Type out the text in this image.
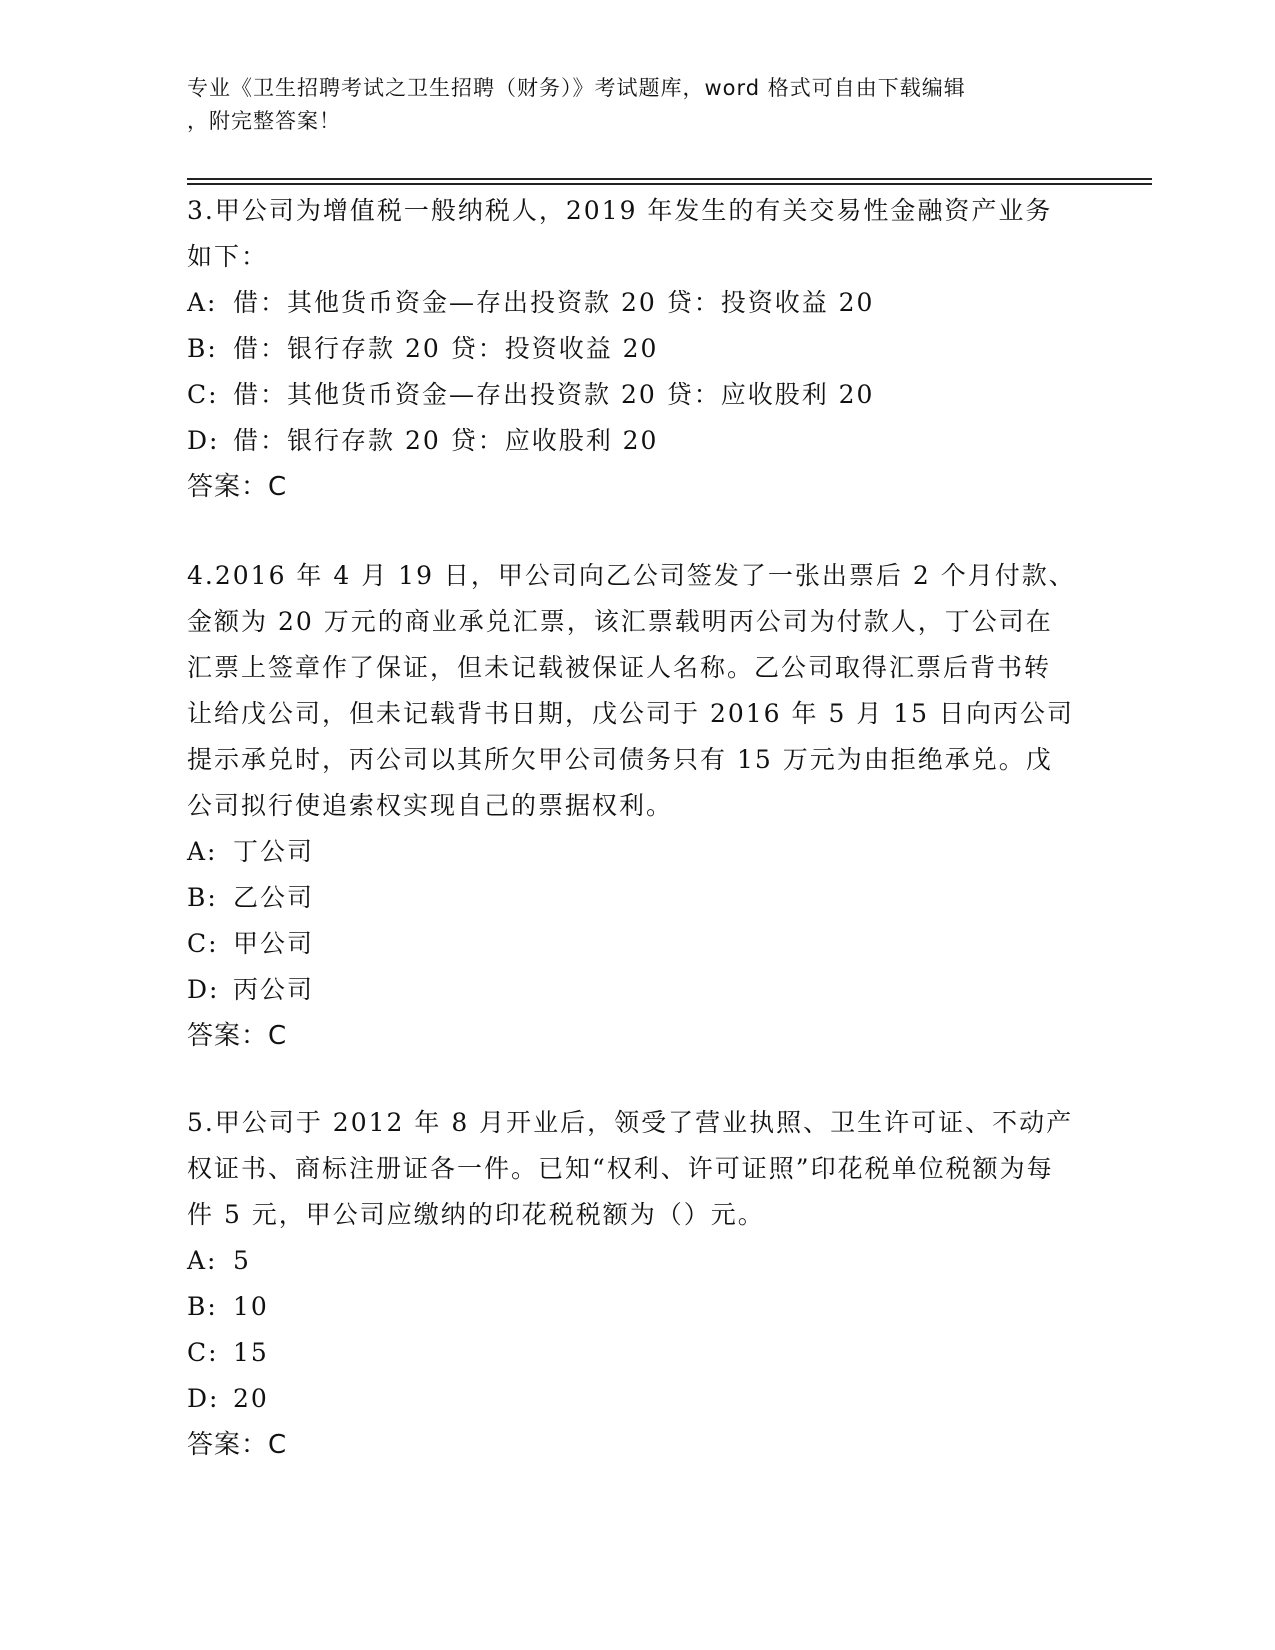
专业《卫生招聘考试之卫生招聘（财务）》考试题库，word 格式可自由下载编辑
，附完整答案！

3.甲公司为增值税一般纳税人，2019 年发生的有关交易性金融资产业务如下：

A: 借：其他货币资金—存出投资款 20 贷：投资收益 20

B: 借：银行存款 20 贷：投资收益 20

C: 借：其他货币资金—存出投资款 20 贷：应收股利 20

D: 借：银行存款 20 贷：应收股利 20

答案：C

4.2016 年 4 月 19 日，甲公司向乙公司签发了一张出票后 2 个月付款、金额为 20 万元的商业承兑汇票，该汇票载明丙公司为付款人，丁公司在汇票上签章作了保证，但未记载被保证人名称。乙公司取得汇票后背书转让给戊公司，但未记载背书日期，戊公司于 2016 年 5 月 15 日向丙公司提示承兑时，丙公司以其所欠甲公司债务只有 15 万元为由拒绝承兑。戊公司拟行使追索权实现自己的票据权利。

A: 丁公司

B: 乙公司

C: 甲公司

D: 丙公司

答案：C

5.甲公司于 2012 年 8 月开业后，领受了营业执照、卫生许可证、不动产权证书、商标注册证各一件。已知“权利、许可证照”印花税单位税额为每件 5 元，甲公司应缴纳的印花税税额为（）元。

A: 5

B: 10

C: 15

D: 20

答案：C
